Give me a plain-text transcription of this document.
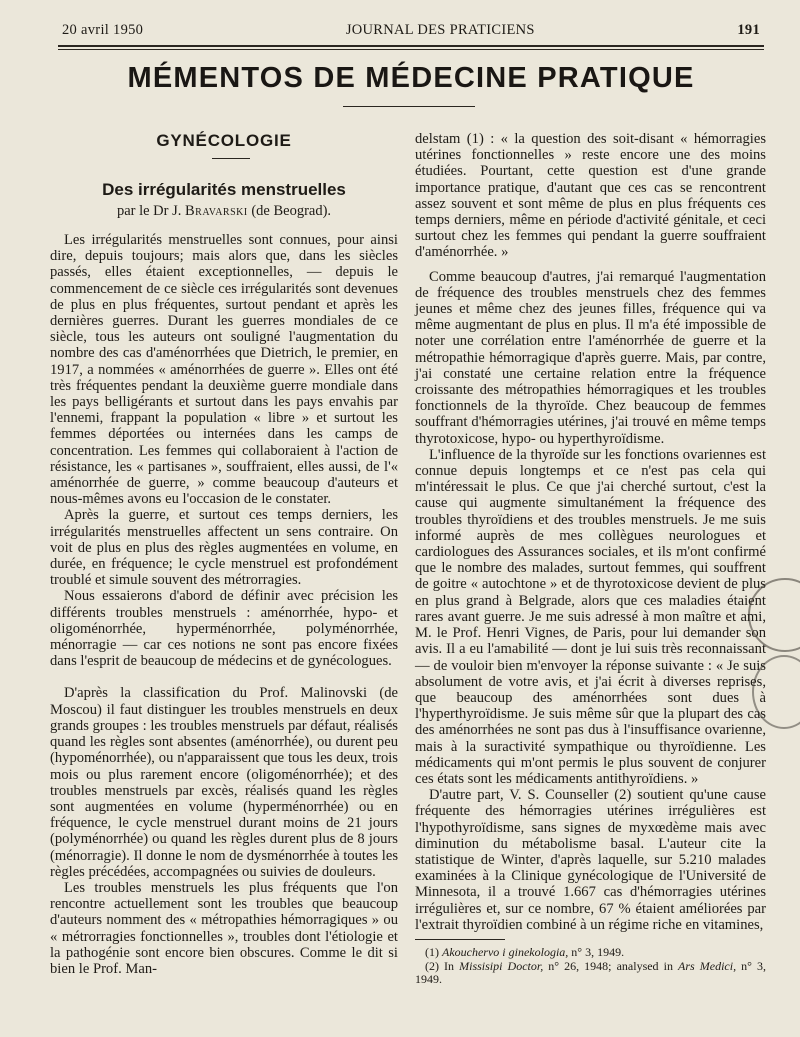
20 avril 1950	JOURNAL DES PRATICIENS	191
MÉMENTOS DE MÉDECINE PRATIQUE
GYNÉCOLOGIE
Des irrégularités menstruelles
par le Dr J. Bravarski (de Beograd).

Les irrégularités menstruelles sont connues, pour ainsi dire, depuis toujours; mais alors que, dans les siècles passés, elles étaient exceptionnelles, — depuis le commencement de ce siècle ces irrégularités sont devenues de plus en plus fréquentes, surtout pendant et après les dernières guerres. Durant les guerres mondiales de ce siècle, tous les auteurs ont souligné l'augmentation du nombre des cas d'aménorrhées que Dietrich, le premier, en 1917, a nommées « aménorrhées de guerre ». Elles ont été très fréquentes pendant la deuxième guerre mondiale dans les pays belligérants et surtout dans les pays envahis par l'ennemi, frappant la population « libre » et surtout les femmes déportées ou internées dans les camps de concentration. Les femmes qui collaboraient à l'action de résistance, les « partisanes », souffraient, elles aussi, de l'« aménorrhée de guerre, » comme beaucoup d'auteurs et nous-mêmes avons eu l'occasion de le constater.

Après la guerre, et surtout ces temps derniers, les irrégularités menstruelles affectent un sens contraire. On voit de plus en plus des règles augmentées en volume, en durée, en fréquence; le cycle menstruel est profondément troublé et simule souvent des métrorragies.

Nous essaierons d'abord de définir avec précision les différents troubles menstruels : aménorrhée, hypo- et oligoménorrhée, hyperménorrhée, polyménorrhée, ménorragie — car ces notions ne sont pas encore fixées dans l'esprit de beaucoup de médecins et de gynécologues.

D'après la classification du Prof. Malinovski (de Moscou) il faut distinguer les troubles menstruels en deux grands groupes : les troubles menstruels par défaut, réalisés quand les règles sont absentes (aménorrhée), ou durent peu (hypoménorrhée), ou n'apparaissent que tous les deux, trois mois ou plus rarement encore (oligoménorrhée); et des troubles menstruels par excès, réalisés quand les règles sont augmentées en volume (hyperménorrhée) ou en fréquence, le cycle menstruel durant moins de 21 jours (polyménorrhée) ou quand les règles durent plus de 8 jours (ménorragie). Il donne le nom de dysménorrhée à toutes les règles précédées, accompagnées ou suivies de douleurs.

Les troubles menstruels les plus fréquents que l'on rencontre actuellement sont les troubles que beaucoup d'auteurs nomment des « métropathies hémorragiques » ou « métrorragies fonctionnelles », troubles dont l'étiologie et la pathogénie sont encore bien obscures. Comme le dit si bien le Prof. Man-

delstam (1) : « la question des soit-disant « hémorragies utérines fonctionnelles » reste encore une des moins étudiées. Pourtant, cette question est d'une grande importance pratique, d'autant que ces cas se rencontrent assez souvent et sont même de plus en plus fréquents ces temps derniers, même en période d'activité génitale, et ceci surtout chez les femmes qui pendant la guerre souffraient d'aménorrhée. »

Comme beaucoup d'autres, j'ai remarqué l'augmentation de fréquence des troubles menstruels chez des femmes jeunes et même chez des jeunes filles, fréquence qui va même augmentant de plus en plus. Il m'a été impossible de noter une corrélation entre l'aménorrhée de guerre et la métropathie hémorragique d'après guerre. Mais, par contre, j'ai constaté une certaine relation entre la fréquence croissante des métropathies hémorragiques et les troubles fonctionnels de la thyroïde. Chez beaucoup de femmes souffrant d'hémorragies utérines, j'ai trouvé en même temps thyrotoxicose, hypo- ou hyperthyroïdisme.

L'influence de la thyroïde sur les fonctions ovariennes est connue depuis longtemps et ce n'est pas cela qui m'intéressait le plus. Ce que j'ai cherché surtout, c'est la cause qui augmente simultanément la fréquence des troubles thyroïdiens et des troubles menstruels. Je me suis informé auprès de mes collègues neurologues et cardiologues des Assurances sociales, et ils m'ont confirmé que le nombre des malades, surtout femmes, qui souffrent de goitre « autochtone » et de thyrotoxicose devient de plus en plus grand à Belgrade, alors que ces maladies étaient rares avant guerre. Je me suis adressé à mon maître et ami, M. le Prof. Henri Vignes, de Paris, pour lui demander son avis. Il a eu l'amabilité — dont je lui suis très reconnaissant — de vouloir bien m'envoyer la réponse suivante : « Je suis absolument de votre avis, et j'ai écrit à diverses reprises, que beaucoup des aménorrhées sont dues à l'hyperthyroïdisme. Je suis même sûr que la plupart des cas des aménorrhées ne sont pas dus à l'insuffisance ovarienne, mais à la suractivité sympathique ou thyroïdienne. Les médicaments qui m'ont permis le plus souvent de conjurer ces états sont les médicaments antithyroïdiens. »

D'autre part, V. S. Counseller (2) soutient qu'une cause fréquente des hémorragies utérines irrégulières est l'hypothyroïdisme, sans signes de myxœdème mais avec diminution du métabolisme basal. L'auteur cite la statistique de Winter, d'après laquelle, sur 5.210 malades examinées à la Clinique gynécologique de l'Université de Minnesota, il a trouvé 1.667 cas d'hémorragies utérines irrégulières et, sur ce nombre, 67 % étaient améliorées par l'extrait thyroïdien combiné à un régime riche en vitamines,

(1) Akouchervo i ginekologia, n° 3, 1949.
(2) In Missisipi Doctor, n° 26, 1948; analysed in Ars Medici, n° 3, 1949.
